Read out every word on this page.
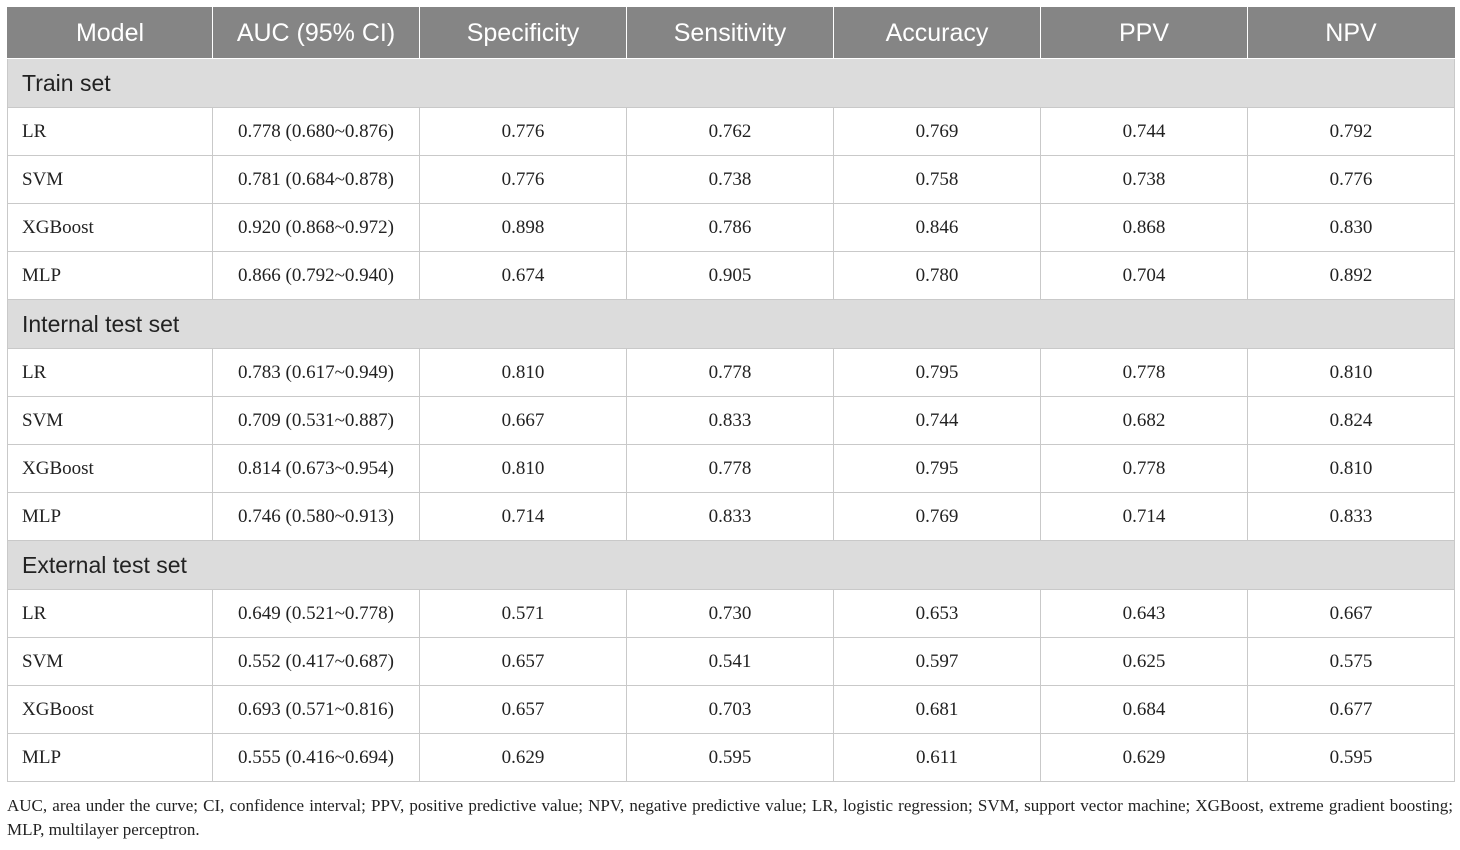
Model	AUC (95% CI)	Specificity	Sensitivity	Accuracy	PPV	NPV
Train set						
LR	0.778 (0.680~0.876)	0.776	0.762	0.769	0.744	0.792
SVM	0.781 (0.684~0.878)	0.776	0.738	0.758	0.738	0.776
XGBoost	0.920 (0.868~0.972)	0.898	0.786	0.846	0.868	0.830
MLP	0.866 (0.792~0.940)	0.674	0.905	0.780	0.704	0.892
Internal test set						
LR	0.783 (0.617~0.949)	0.810	0.778	0.795	0.778	0.810
SVM	0.709 (0.531~0.887)	0.667	0.833	0.744	0.682	0.824
XGBoost	0.814 (0.673~0.954)	0.810	0.778	0.795	0.778	0.810
MLP	0.746 (0.580~0.913)	0.714	0.833	0.769	0.714	0.833
External test set						
LR	0.649 (0.521~0.778)	0.571	0.730	0.653	0.643	0.667
SVM	0.552 (0.417~0.687)	0.657	0.541	0.597	0.625	0.575
XGBoost	0.693 (0.571~0.816)	0.657	0.703	0.681	0.684	0.677
MLP	0.555 (0.416~0.694)	0.629	0.595	0.611	0.629	0.595
AUC, area under the curve; CI, confidence interval; PPV, positive predictive value; NPV, negative predictive value; LR, logistic regression; SVM, support vector machine; XGBoost, extreme gradient boosting; MLP, multilayer perceptron.
